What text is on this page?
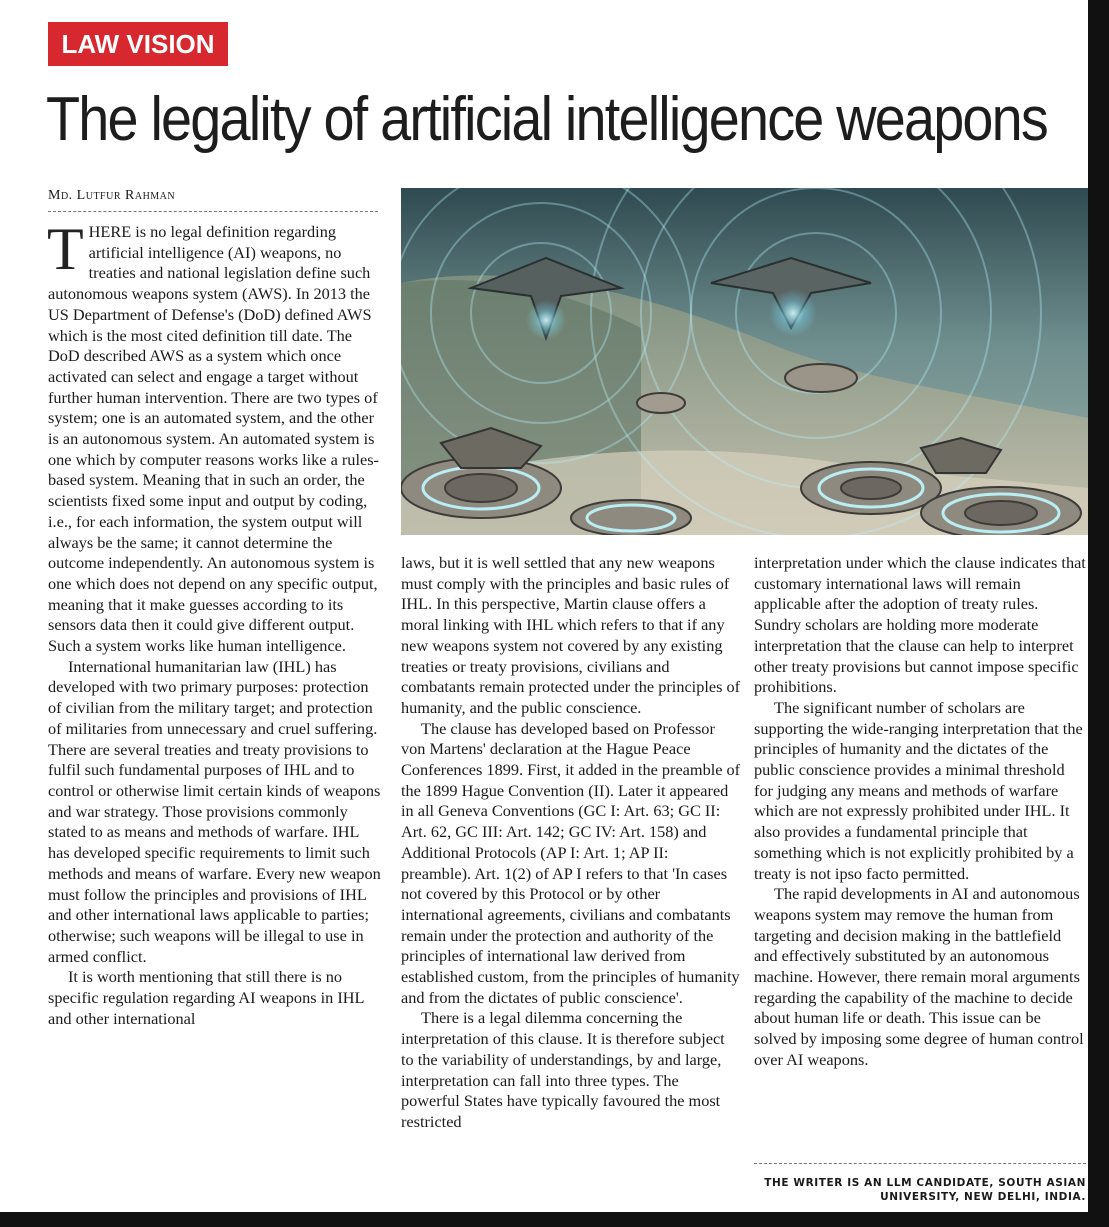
LAW VISION
The legality of artificial intelligence weapons
Md. Lutfur Rahman
T HERE is no legal definition regarding artificial intelligence (AI) weapons, no treaties and national legislation define such autonomous weapons system (AWS). In 2013 the US Department of Defense's (DoD) defined AWS which is the most cited definition till date. The DoD described AWS as a system which once activated can select and engage a target without further human intervention. There are two types of system; one is an automated system, and the other is an autonomous system. An automated system is one which by computer reasons works like a rules-based system. Meaning that in such an order, the scientists fixed some input and output by coding, i.e., for each information, the system output will always be the same; it cannot determine the outcome independently. An autonomous system is one which does not depend on any specific output, meaning that it make guesses according to its sensors data then it could give different output. Such a system works like human intelligence.

International humanitarian law (IHL) has developed with two primary purposes: protection of civilian from the military target; and protection of militaries from unnecessary and cruel suffering. There are several treaties and treaty provisions to fulfil such fundamental purposes of IHL and to control or otherwise limit certain kinds of weapons and war strategy. Those provisions commonly stated to as means and methods of warfare. IHL has developed specific requirements to limit such methods and means of warfare. Every new weapon must follow the principles and provisions of IHL and other international laws applicable to parties; otherwise; such weapons will be illegal to use in armed conflict.

It is worth mentioning that still there is no specific regulation regarding AI weapons in IHL and other international

laws, but it is well settled that any new weapons must comply with the principles and basic rules of IHL. In this perspective, Martin clause offers a moral linking with IHL which refers to that if any new weapons system not covered by any existing treaties or treaty provisions, civilians and combatants remain protected under the principles of humanity, and the public conscience.

The clause has developed based on Professor von Martens' declaration at the Hague Peace Conferences 1899. First, it added in the preamble of the 1899 Hague Convention (II). Later it appeared in all Geneva Conventions (GC I: Art. 63; GC II: Art. 62, GC III: Art. 142; GC IV: Art. 158) and Additional Protocols (AP I: Art. 1; AP II: preamble). Art. 1(2) of AP I refers to that 'In cases not covered by this Protocol or by other international agreements, civilians and combatants remain under the protection and authority of the principles of international law derived from established custom, from the principles of humanity and from the dictates of public conscience'.

There is a legal dilemma concerning the interpretation of this clause. It is therefore subject to the variability of understandings, by and large, interpretation can fall into three types. The powerful States have typically favoured the most restricted

interpretation under which the clause indicates that customary international laws will remain applicable after the adoption of treaty rules. Sundry scholars are holding more moderate interpretation that the clause can help to interpret other treaty provisions but cannot impose specific prohibitions.

The significant number of scholars are supporting the wide-ranging interpretation that the principles of humanity and the dictates of the public conscience provides a minimal threshold for judging any means and methods of warfare which are not expressly prohibited under IHL. It also provides a fundamental principle that something which is not explicitly prohibited by a treaty is not ipso facto permitted.

The rapid developments in AI and autonomous weapons system may remove the human from targeting and decision making in the battlefield and effectively substituted by an autonomous machine. However, there remain moral arguments regarding the capability of the machine to decide about human life or death. This issue can be solved by imposing some degree of human control over AI weapons.

THE WRITER IS AN LLM CANDIDATE, SOUTH ASIAN UNIVERSITY, NEW DELHI, INDIA.
